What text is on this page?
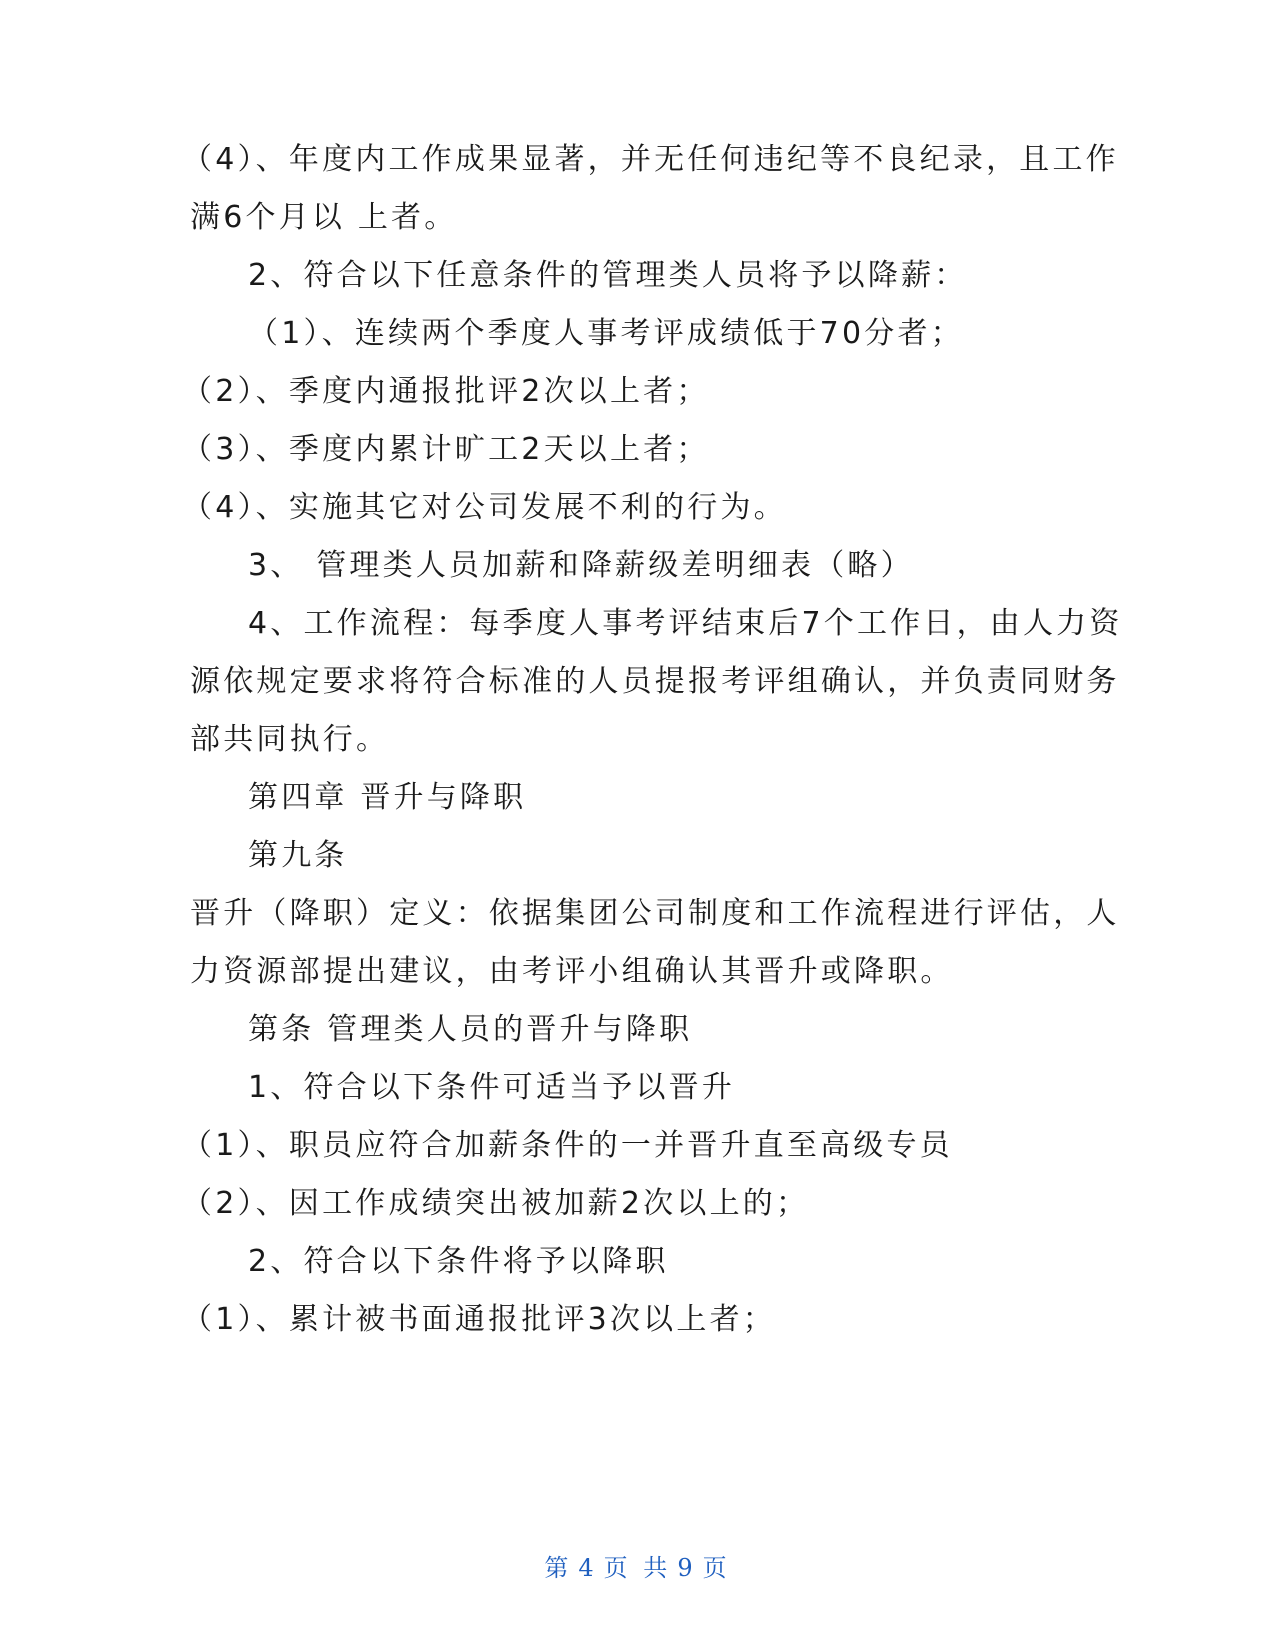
（4）、年度内工作成果显著，并无任何违纪等不良纪录，且工作
满6个月以 上者。
2、符合以下任意条件的管理类人员将予以降薪：
（1）、连续两个季度人事考评成绩低于70分者；
（2）、季度内通报批评2次以上者；
（3）、季度内累计旷工2天以上者；
（4）、实施其它对公司发展不利的行为。
3、 管理类人员加薪和降薪级差明细表（略）
4、工作流程：每季度人事考评结束后7个工作日，由人力资
源依规定要求将符合标准的人员提报考评组确认，并负责同财务
部共同执行。
第四章 晋升与降职
第九条
晋升（降职）定义：依据集团公司制度和工作流程进行评估，人
力资源部提出建议，由考评小组确认其晋升或降职。
第条 管理类人员的晋升与降职
1、符合以下条件可适当予以晋升
（1）、职员应符合加薪条件的一并晋升直至高级专员
（2）、因工作成绩突出被加薪2次以上的；
2、符合以下条件将予以降职
（1）、累计被书面通报批评3次以上者；
第 4 页 共 9 页
